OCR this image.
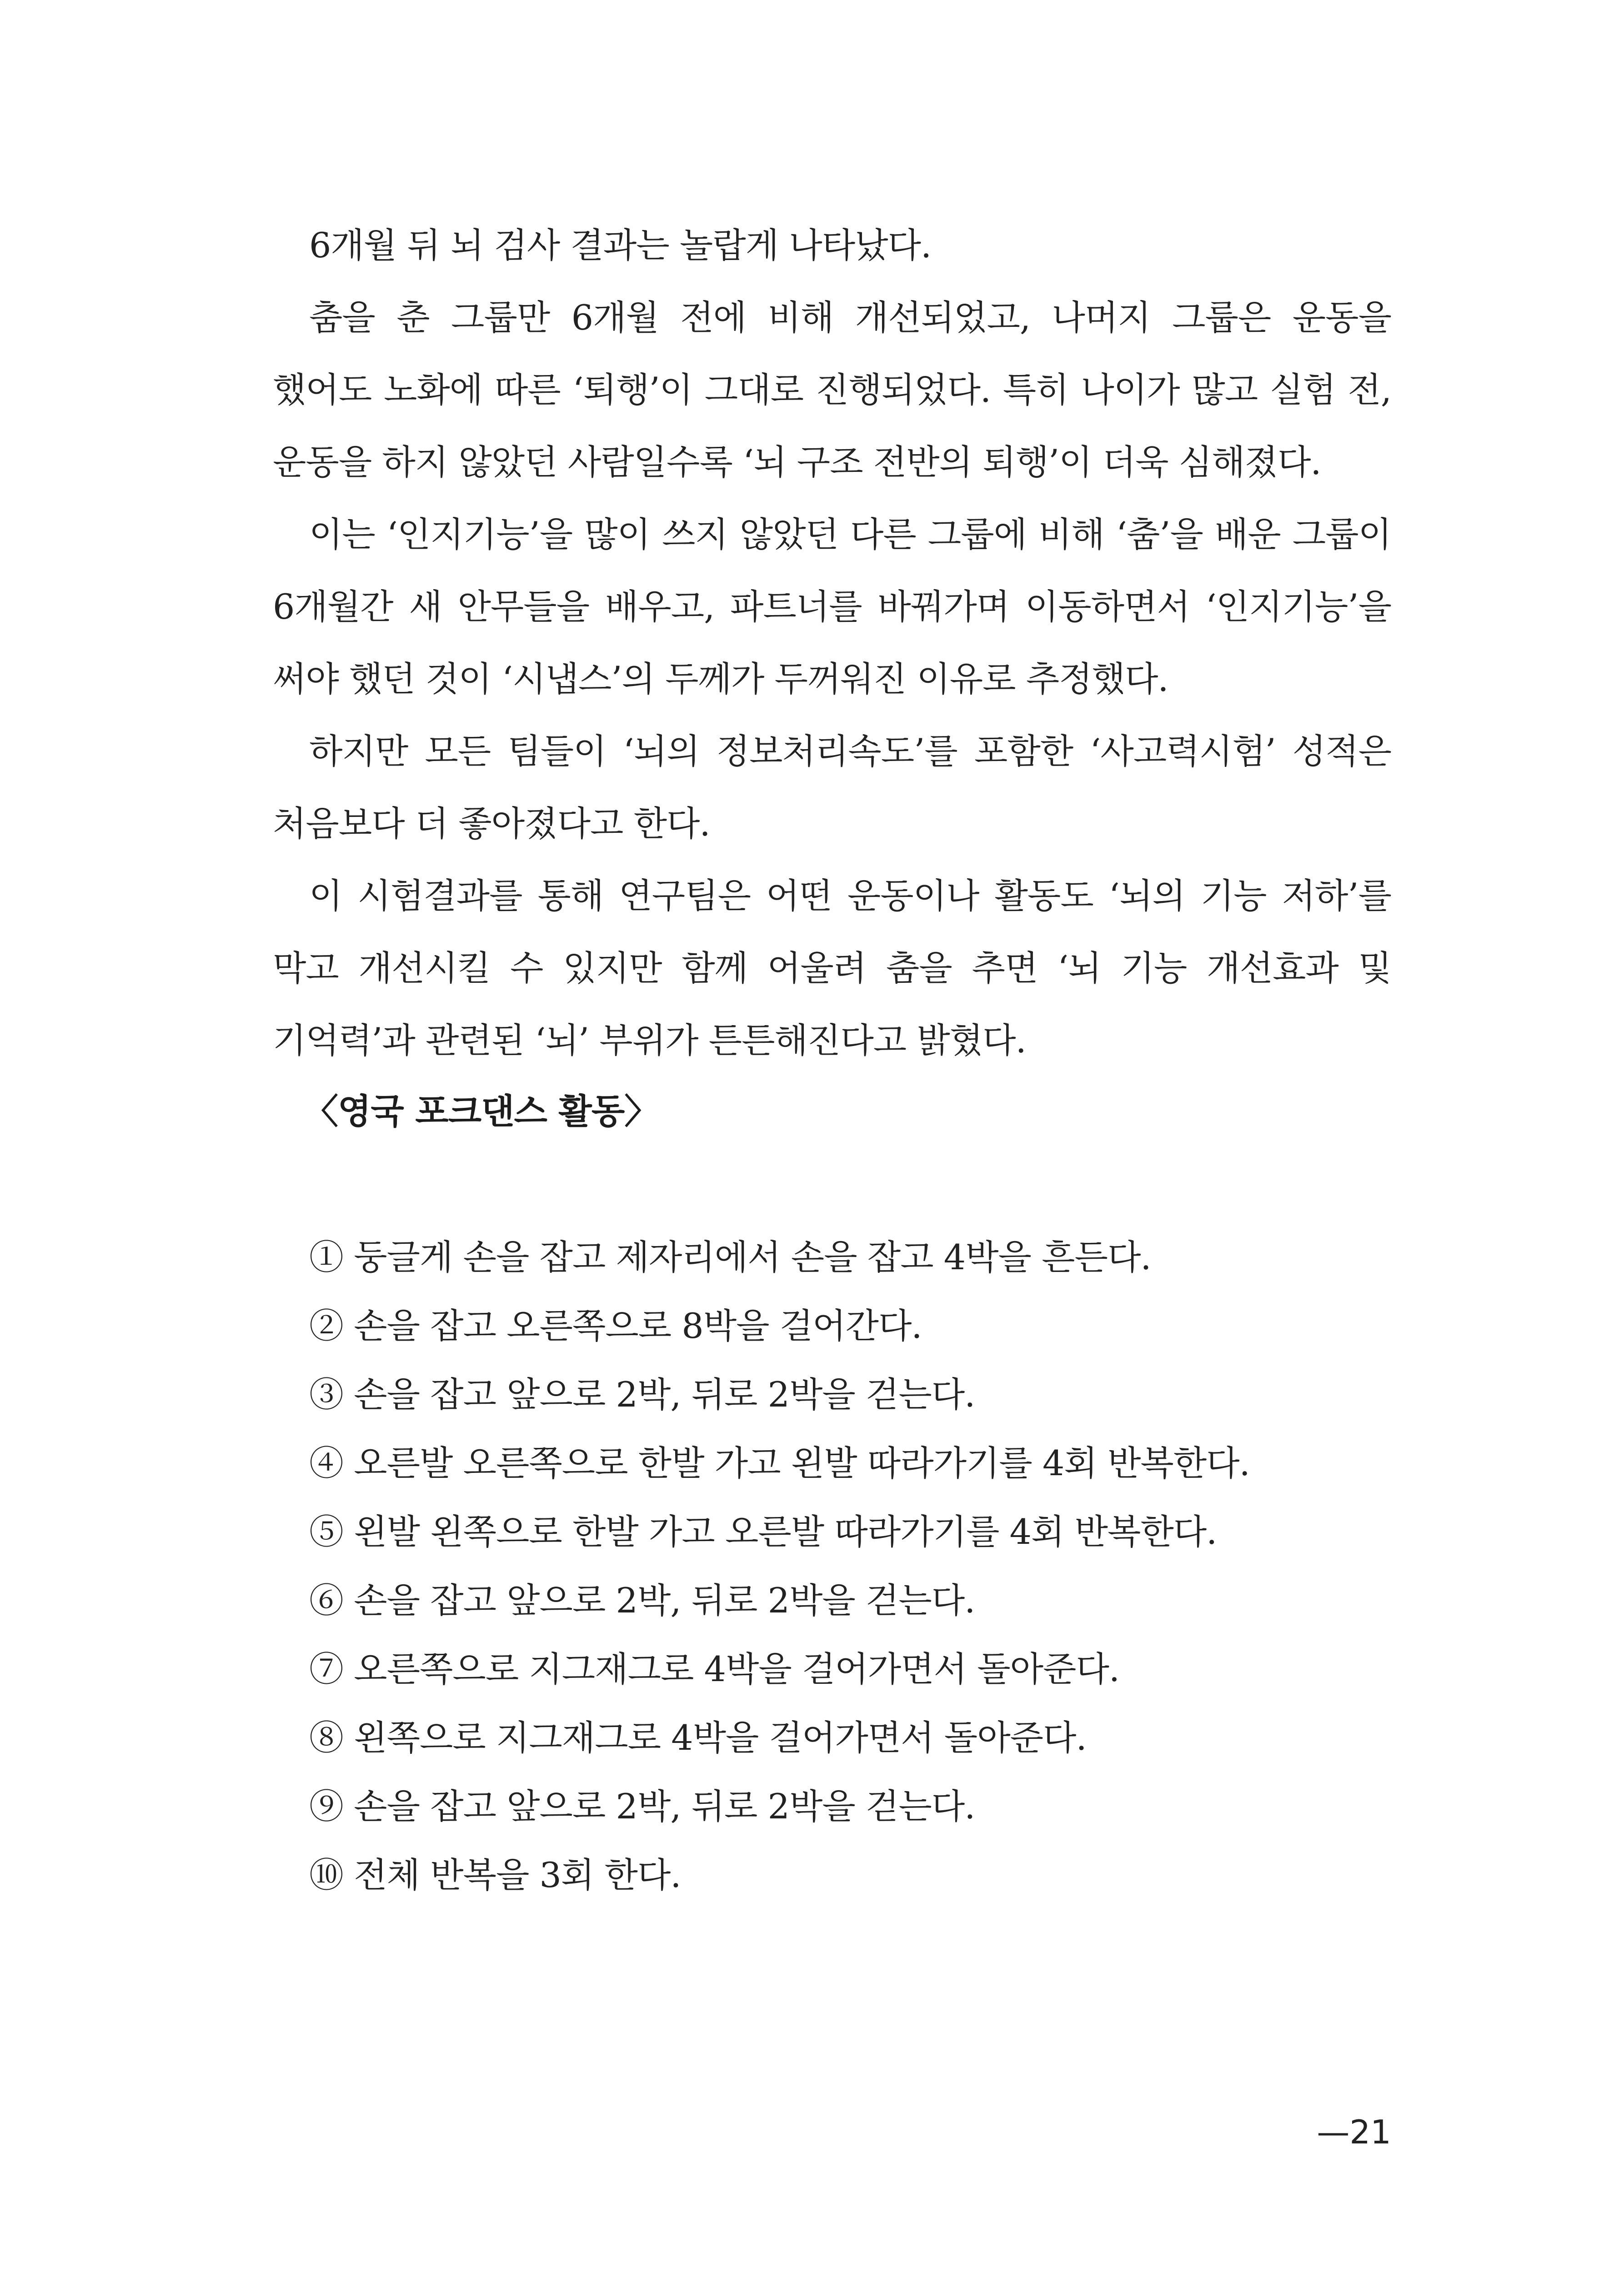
6개월 뒤 뇌 검사 결과는 놀랍게 나타났다.

춤을 춘 그룹만 6개월 전에 비해 개선되었고, 나머지 그룹은 운동을 했어도 노화에 따른 ‘퇴행’이 그대로 진행되었다. 특히 나이가 많고 실험 전, 운동을 하지 않았던 사람일수록 ‘뇌 구조 전반의 퇴행’이 더욱 심해졌다.

이는 ‘인지기능’을 많이 쓰지 않았던 다른 그룹에 비해 ‘춤’을 배운 그룹이 6개월간 새 안무들을 배우고, 파트너를 바꿔가며 이동하면서 ‘인지기능’을 써야 했던 것이 ‘시냅스’의 두께가 두꺼워진 이유로 추정했다.

하지만 모든 팀들이 ‘뇌의 정보처리속도’를 포함한 ‘사고력시험’ 성적은 처음보다 더 좋아졌다고 한다.

이 시험결과를 통해 연구팀은 어떤 운동이나 활동도 ‘뇌의 기능 저하’를 막고 개선시킬 수 있지만 함께 어울려 춤을 추면 ‘뇌 기능 개선효과 및 기억력’과 관련된 ‘뇌’ 부위가 튼튼해진다고 밝혔다.

〈영국 포크댄스 활동〉
① 둥글게 손을 잡고 제자리에서 손을 잡고 4박을 흔든다.
② 손을 잡고 오른쪽으로 8박을 걸어간다.
③ 손을 잡고 앞으로 2박, 뒤로 2박을 걷는다.
④ 오른발 오른쪽으로 한발 가고 왼발 따라가기를 4회 반복한다.
⑤ 왼발 왼쪽으로 한발 가고 오른발 따라가기를 4회 반복한다.
⑥ 손을 잡고 앞으로 2박, 뒤로 2박을 걷는다.
⑦ 오른쪽으로 지그재그로 4박을 걸어가면서 돌아준다.
⑧ 왼쪽으로 지그재그로 4박을 걸어가면서 돌아준다.
⑨ 손을 잡고 앞으로 2박, 뒤로 2박을 걷는다.
⑩ 전체 반복을 3회 한다.

—21
